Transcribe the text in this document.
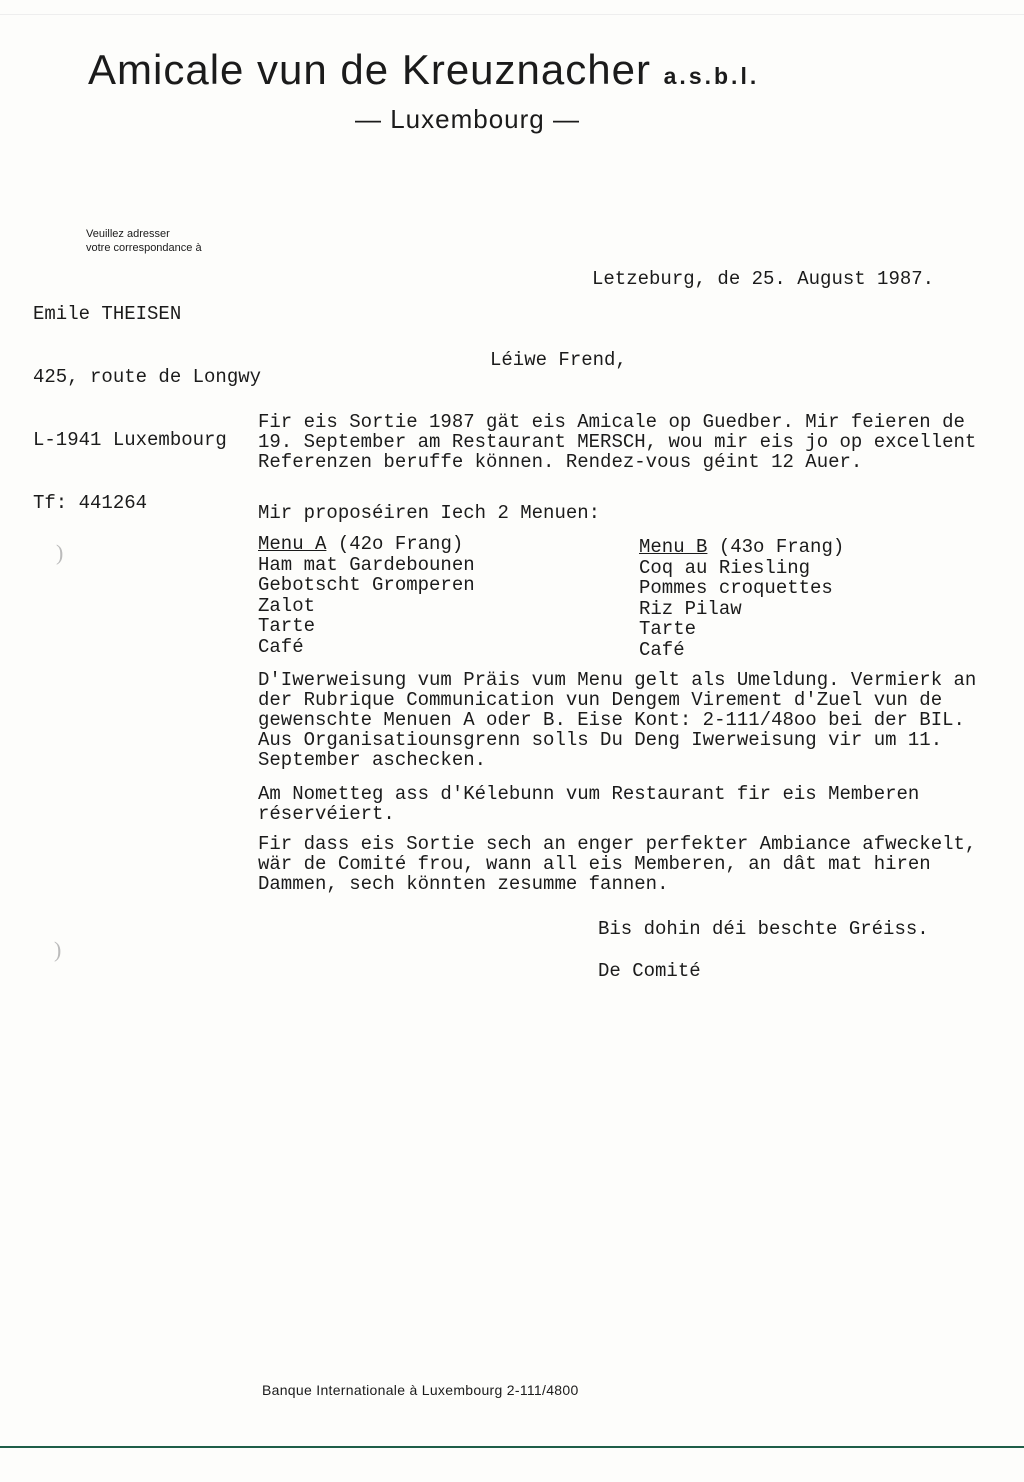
Amicale vun de Kreuznacher a.s.b.l.
— Luxembourg —
Veuillez adresser
votre correspondance à

Emile THEISEN

425, route de Longwy

L-1941 Luxembourg

Tf: 441264

Letzeburg, de 25. August 1987.
Léiwe Frend,

Fir eis Sortie 1987 gät eis Amicale op Guedber. Mir feieren de 19. September am Restaurant MERSCH, wou mir eis jo op excellent Referenzen beruffe können. Rendez-vous géint 12 Auer.

Mir proposéiren Iech 2 Menuen:

Menu A (42o Frang)
Ham mat Gardebounen
Gebotscht Gromperen
Zalot
Tarte
Café
Menu B (43o Frang)
Coq au Riesling
Pommes croquettes
Riz Pilaw
Tarte
Café

D'Iwerweisung vum Präis vum Menu gelt als Umeldung. Vermierk an der Rubrique Communication vun Dengem Virement d'Zuel vun de gewenschte Menuen A oder B. Eise Kont: 2-111/48oo bei der BIL. Aus Organisatiounsgrenn solls Du Deng Iwerweisung vir um 11. September aschecken.

Am Nometteg ass d'Kélebunn vum Restaurant fir eis Memberen réservéiert.

Fir dass eis Sortie sech an enger perfekter Ambiance afweckelt, wär de Comité frou, wann all eis Memberen, an dât mat hiren Dammen, sech könnten zesumme fannen.

Bis dohin déi beschte Gréiss.
De Comité
)
)
Banque Internationale à Luxembourg 2-111/4800
